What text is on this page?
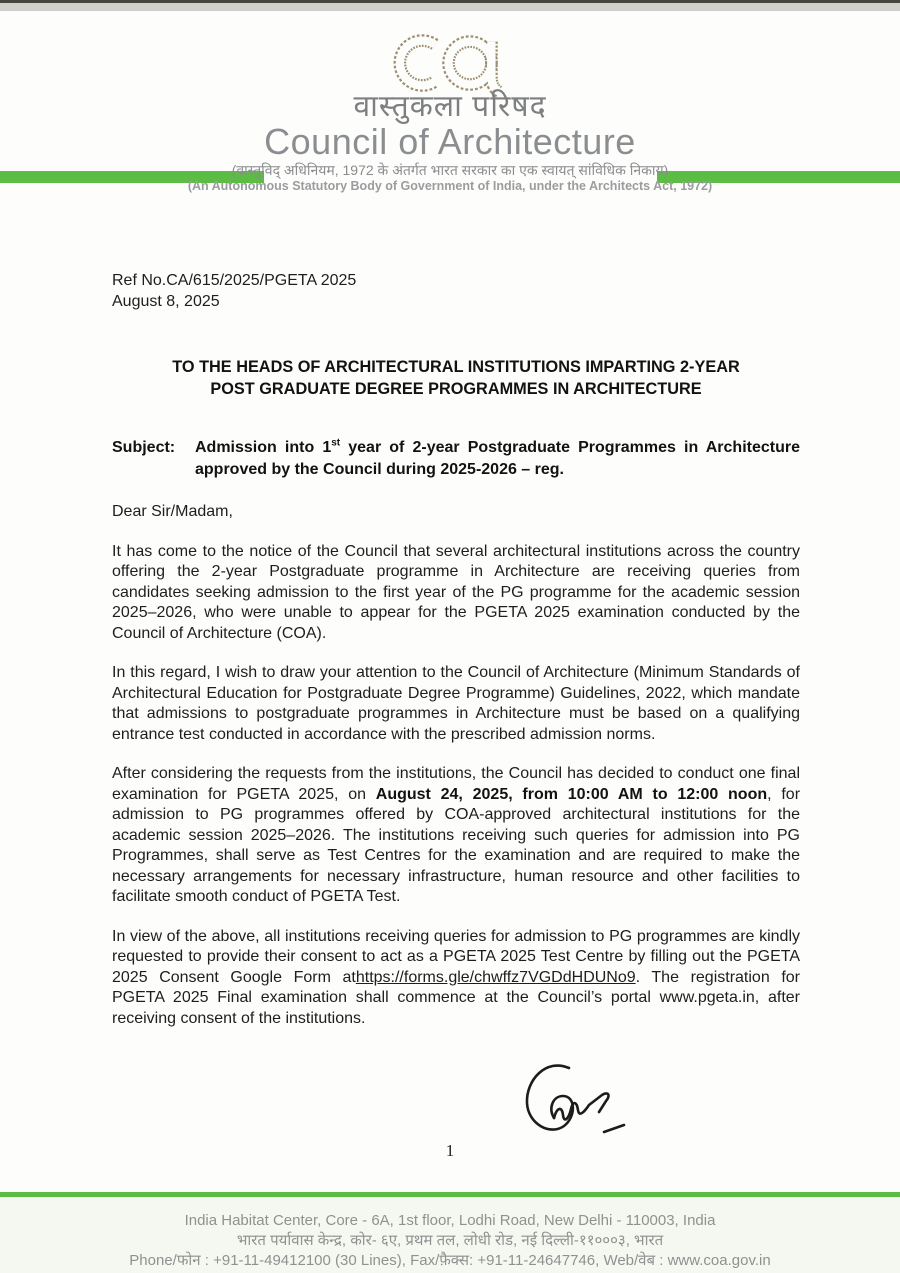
वास्तुकला परिषद
Council of Architecture
(वास्तुविद् अधिनियम, 1972 के अंतर्गत भारत सरकार का एक स्वायत् सांविधिक निकाय)
(An Autonomous Statutory Body of Government of India, under the Architects Act, 1972)
Ref No.CA/615/2025/PGETA 2025
August 8, 2025
TO THE HEADS OF ARCHITECTURAL INSTITUTIONS IMPARTING 2-YEAR
POST GRADUATE DEGREE PROGRAMMES IN ARCHITECTURE
Subject:	Admission into 1st year of 2-year Postgraduate Programmes in Architecture approved by the Council during 2025-2026 – reg.
Dear Sir/Madam,

It has come to the notice of the Council that several architectural institutions across the country offering the 2-year Postgraduate programme in Architecture are receiving queries from candidates seeking admission to the first year of the PG programme for the academic session 2025–2026, who were unable to appear for the PGETA 2025 examination conducted by the Council of Architecture (COA).

In this regard, I wish to draw your attention to the Council of Architecture (Minimum Standards of Architectural Education for Postgraduate Degree Programme) Guidelines, 2022, which mandate that admissions to postgraduate programmes in Architecture must be based on a qualifying entrance test conducted in accordance with the prescribed admission norms.

After considering the requests from the institutions, the Council has decided to conduct one final examination for PGETA 2025, on August 24, 2025, from 10:00 AM to 12:00 noon, for admission to PG programmes offered by COA-approved architectural institutions for the academic session 2025–2026. The institutions receiving such queries for admission into PG Programmes, shall serve as Test Centres for the examination and are required to make the necessary arrangements for necessary infrastructure, human resource and other facilities to facilitate smooth conduct of PGETA Test.

In view of the above, all institutions receiving queries for admission to PG programmes are kindly requested to provide their consent to act as a PGETA 2025 Test Centre by filling out the PGETA 2025 Consent Google Form athttps://forms.gle/chwffz7VGDdHDUNo9. The registration for PGETA 2025 Final examination shall commence at the Council’s portal www.pgeta.in, after receiving consent of the institutions.

1
India Habitat Center, Core - 6A, 1st floor, Lodhi Road, New Delhi - 110003, India
भारत पर्यावास केन्द्र, कोर- ६ए, प्रथम तल, लोधी रोड, नई दिल्ली-११०००३, भारत
Phone/फोन : +91-11-49412100 (30 Lines), Fax/फ़ैक्स: +91-11-24647746, Web/वेब : www.coa.gov.in
